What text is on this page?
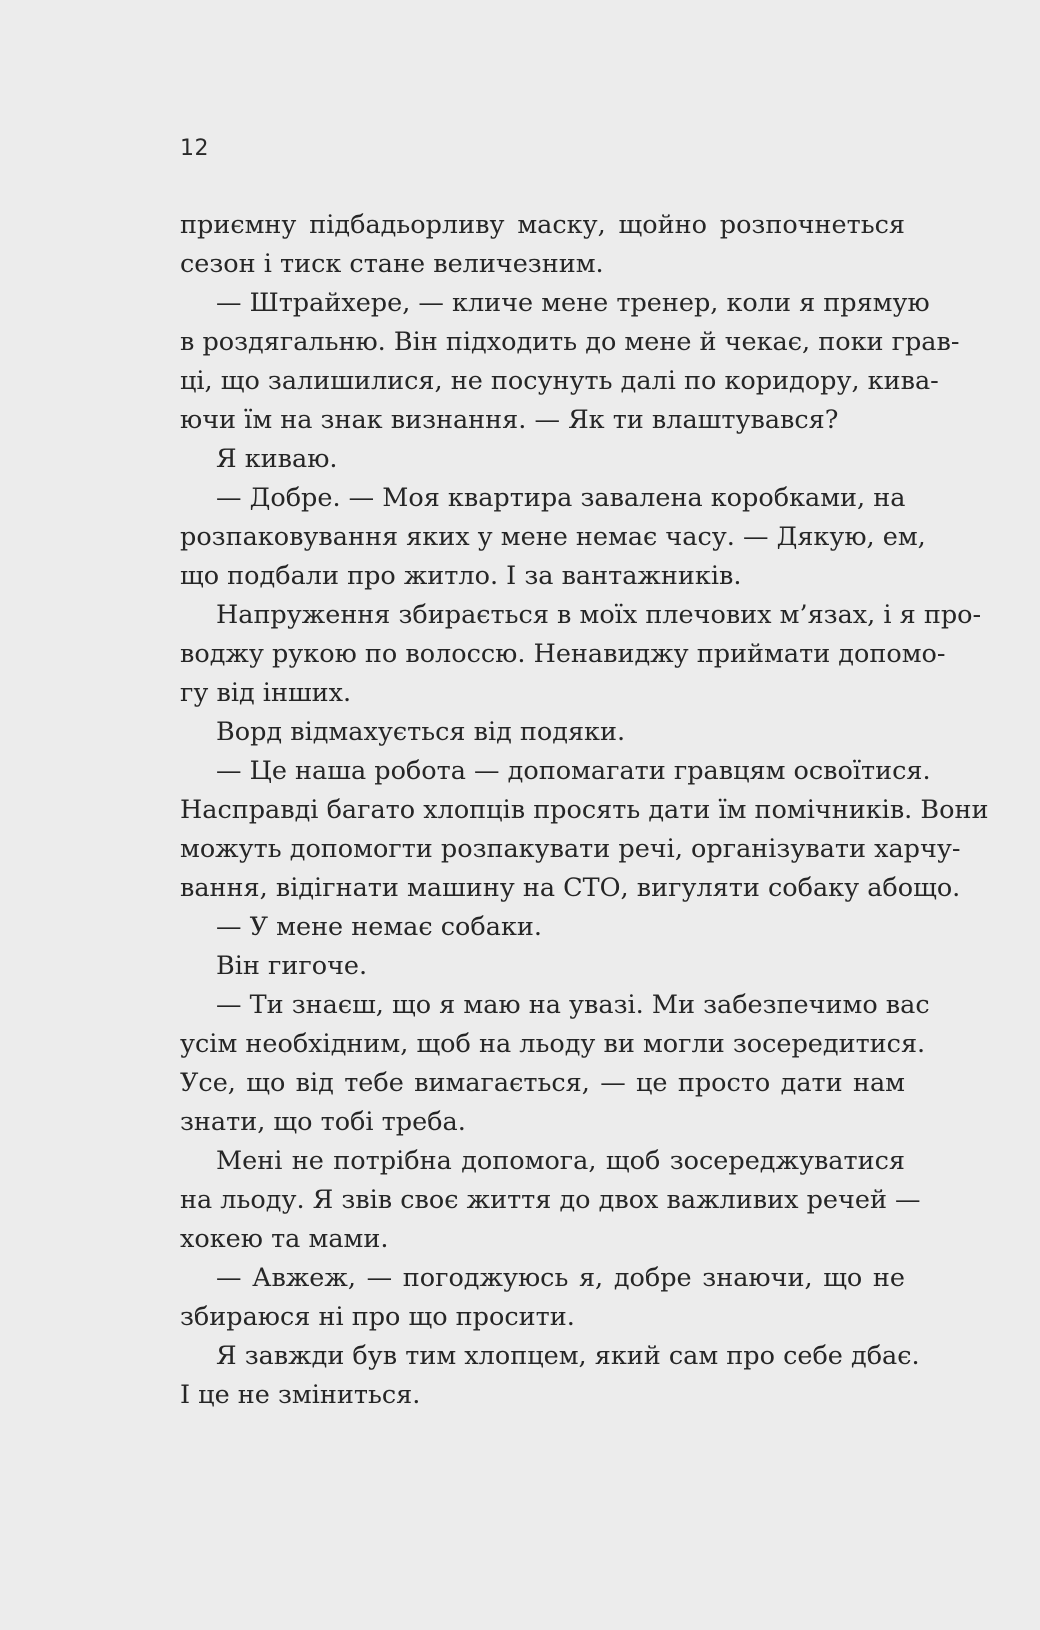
12
приємну підбадьорливу маску, щойно розпочнеться
сезон і тиск стане величезним.
— Штрайхере, — кличе мене тренер, коли я прямую
в роздягальню. Він підходить до мене й чекає, поки грав-
ці, що залишилися, не посунуть далі по коридору, кива-
ючи їм на знак визнання. — Як ти влаштувався?
Я киваю.
— Добре. — Моя квартира завалена коробками, на
розпаковування яких у мене немає часу. — Дякую, ем,
що подбали про житло. І за вантажників.
Напруження збирається в моїх плечових м’язах, і я про-
воджу рукою по волоссю. Ненавиджу приймати допомо-
гу від інших.
Ворд відмахується від подяки.
— Це наша робота — допомагати гравцям освоїтися.
Насправді багато хлопців просять дати їм помічників. Вони
можуть допомогти розпакувати речі, організувати харчу-
вання, відігнати машину на СТО, вигуляти собаку абощо.
— У мене немає собаки.
Він гигоче.
— Ти знаєш, що я маю на увазі. Ми забезпечимо вас
усім необхідним, щоб на льоду ви могли зосередитися.
Усе, що від тебе вимагається, — це просто дати нам
знати, що тобі треба.
Мені не потрібна допомога, щоб зосереджуватися
на льоду. Я звів своє життя до двох важливих речей —
хокею та мами.
— Авжеж, — погоджуюсь я, добре знаючи, що не
збираюся ні про що просити.
Я завжди був тим хлопцем, який сам про себе дбає.
І це не зміниться.
